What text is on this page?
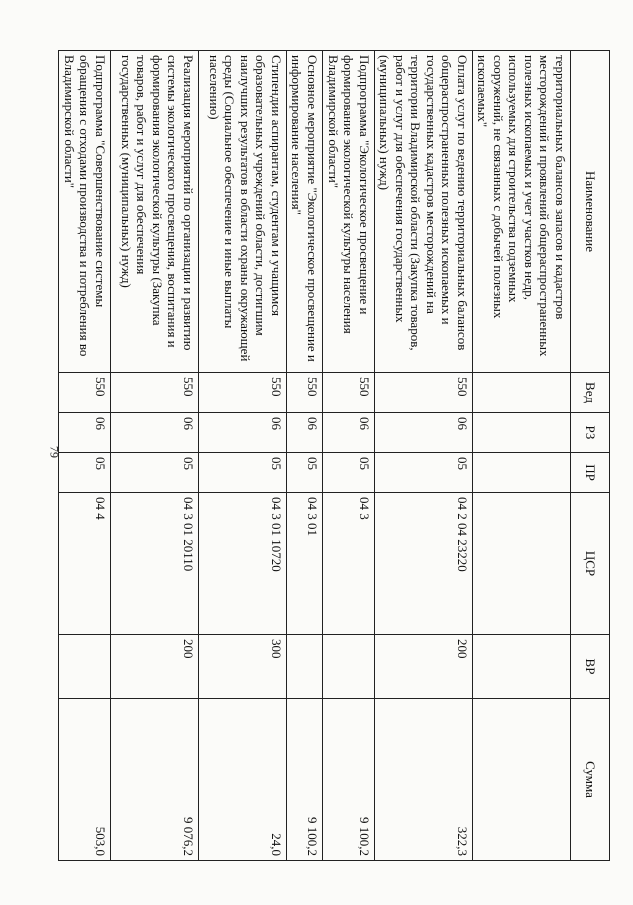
79
Наименование	Вед	РЗ	ПР	ЦСР	ВР	Сумма
территориальных балансов запасов и кадастров месторождений и проявлений общераспространенных полезных ископаемых и учет участков недр, используемых для строительства подземных сооружений, не связанных с добычей полезных ископаемых"						
Оплата услуг по ведению территориальных балансов общераспространенных полезных ископаемых и государственных кадастров месторождений на территории Владимирской области (Закупка товаров, работ и услуг для обеспечения государственных (муниципальных) нужд)	550	06	05	04 2 04 23220	200	322,3
Подпрограмма "Экологическое просвещение и формирование экологической культуры населения Владимирской области"	550	06	05	04 3		9 100,2
Основное мероприятие "Экологическое просвещение и информирование населения"	550	06	05	04 3 01		9 100,2
Стипендии аспирантам, студентам и учащимся образовательных учреждений области, достигшим наилучших результатов в области охраны окружающей среды (Социальное обеспечение и иные выплаты населению)	550	06	05	04 3 01 10720	300	24,0
Реализация мероприятий по организации и развитию системы экологического просвещения, воспитания и формирования экологической культуры (Закупка товаров, работ и услуг для обеспечения государственных (муниципальных) нужд)	550	06	05	04 3 01 20110	200	9 076,2
Подпрограмма "Совершенствование системы обращения с отходами производства и потребления во Владимирской области"	550	06	05	04 4		503,0
